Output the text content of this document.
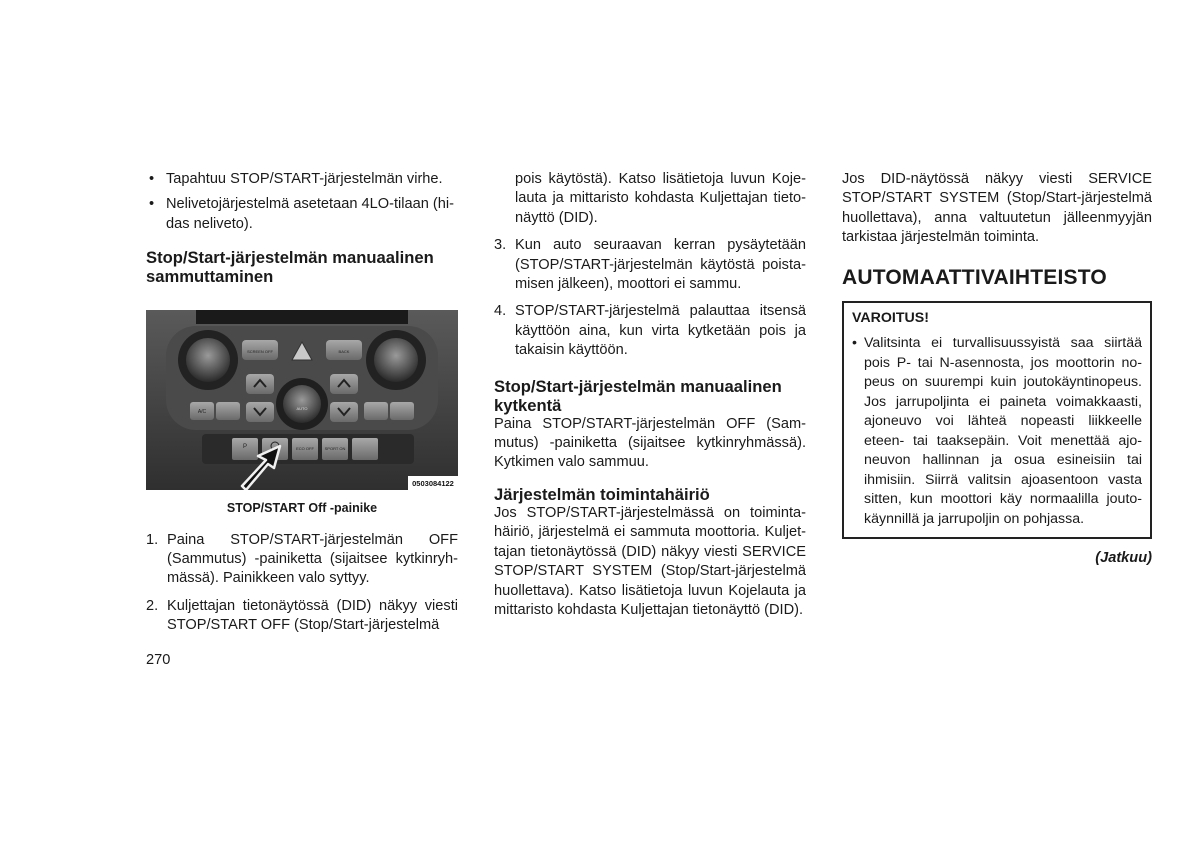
• Tapahtuu STOP/START-järjestelmän virhe.
• Nelivetojärjestelmä asetetaan 4LO-tilaan (hi-das neliveto).
Stop/Start-järjestelmän manuaalinen sammuttaminen
SCREEN OFF	BACK
AUTO
A/C
P	ECO OFF	SPORT ON
0503084122
STOP/START Off -painike
1. Paina STOP/START-järjestelmän OFF (Sammutus) -painiketta (sijaitsee kytkinryh-mässä). Painikkeen valo syttyy.
2. Kuljettajan tietonäytössä (DID) näkyy viesti STOP/START OFF (Stop/Start-järjestelmä
pois käytöstä). Katso lisätietoja luvun Koje-lauta ja mittaristo kohdasta Kuljettajan tieto-näyttö (DID).
3. Kun auto seuraavan kerran pysäytetään (STOP/START-järjestelmän käytöstä poista-misen jälkeen), moottori ei sammu.
4. STOP/START-järjestelmä palauttaa itsensä käyttöön aina, kun virta kytketään pois ja takaisin käyttöön.
Stop/Start-järjestelmän manuaalinen kytkentä
Paina STOP/START-järjestelmän OFF (Sam-mutus) -painiketta (sijaitsee kytkinryhmässä). Kytkimen valo sammuu.
Järjestelmän toimintahäiriö
Jos STOP/START-järjestelmässä on toiminta-häiriö, järjestelmä ei sammuta moottoria. Kuljet-tajan tietonäytössä (DID) näkyy viesti SERVICE STOP/START SYSTEM (Stop/Start-järjestelmä huollettava). Katso lisätietoja luvun Kojelauta ja mittaristo kohdasta Kuljettajan tietonäyttö (DID).
Jos DID-näytössä näkyy viesti SERVICE STOP/START SYSTEM (Stop/Start-järjestelmä huollettava), anna valtuutetun jälleenmyyjän tarkistaa järjestelmän toiminta.
AUTOMAATTIVAIHTEISTO
VAROITUS!
• Valitsinta ei turvallisuussyistä saa siirtää pois P- tai N-asennosta, jos moottorin no-peus on suurempi kuin joutokäyntinopeus. Jos jarrupoljinta ei paineta voimakkaasti, ajoneuvo voi lähteä nopeasti liikkeelle eteen- tai taaksepäin. Voit menettää ajo-neuvon hallinnan ja osua esineisiin tai ihmisiin. Siirrä valitsin ajoasentoon vasta sitten, kun moottori käy normaalilla jouto-käynnillä ja jarrupoljin on pohjassa.
(Jatkuu)
270
